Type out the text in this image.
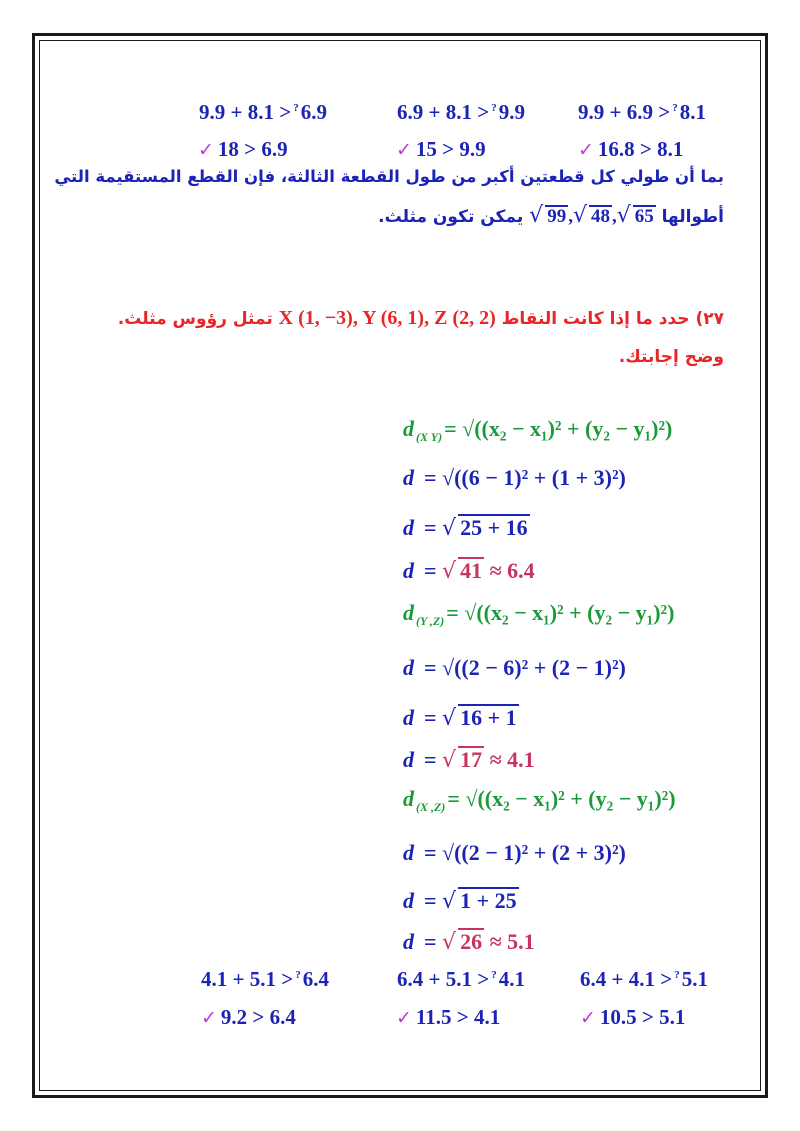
9.9 + 8.1 > ?6.9	6.9 + 8.1 > ?9.9	9.9 + 6.9 > ?8.1
✓ 18 > 6.9	✓ 15 > 9.9	✓ 16.8 > 8.1
بما أن طولي كل قطعتين أكبر من طول القطعة الثالثة، فإن القطع المستقيمة التي
أطوالها √ 99 ,√ 48 ,√ 65 يمكن تكون مثلث.
٢٧) حدد ما إذا كانت النقاط X (1, −3), Y (6, 1), Z (2, 2) تمثل رؤوس مثلث.
وضح إجابتك.
d $_{(X Y)}$= √((x₂ − x₁)² + (y₂ − y₁)²)
d = √((6 − 1)² + (1 + 3)²)
d = √ 25 + 16
d = √ 41 ≈ 6.4
d $_{(Y ,Z)}$= √((x₂ − x₁)² + (y₂ − y₁)²)
d = √((2 − 6)² + (2 − 1)²)
d = √ 16 + 1
d = √ 17 ≈ 4.1
d $_{(X ,Z)}$= √((x₂ − x₁)² + (y₂ − y₁)²)
d = √((2 − 1)² + (2 + 3)²)
d = √ 1 + 25
d = √ 26 ≈ 5.1
4.1 + 5.1 > ?6.4	6.4 + 5.1 > ?4.1	6.4 + 4.1 > ?5.1
✓ 9.2 > 6.4	✓ 11.5 > 4.1	✓ 10.5 > 5.1
